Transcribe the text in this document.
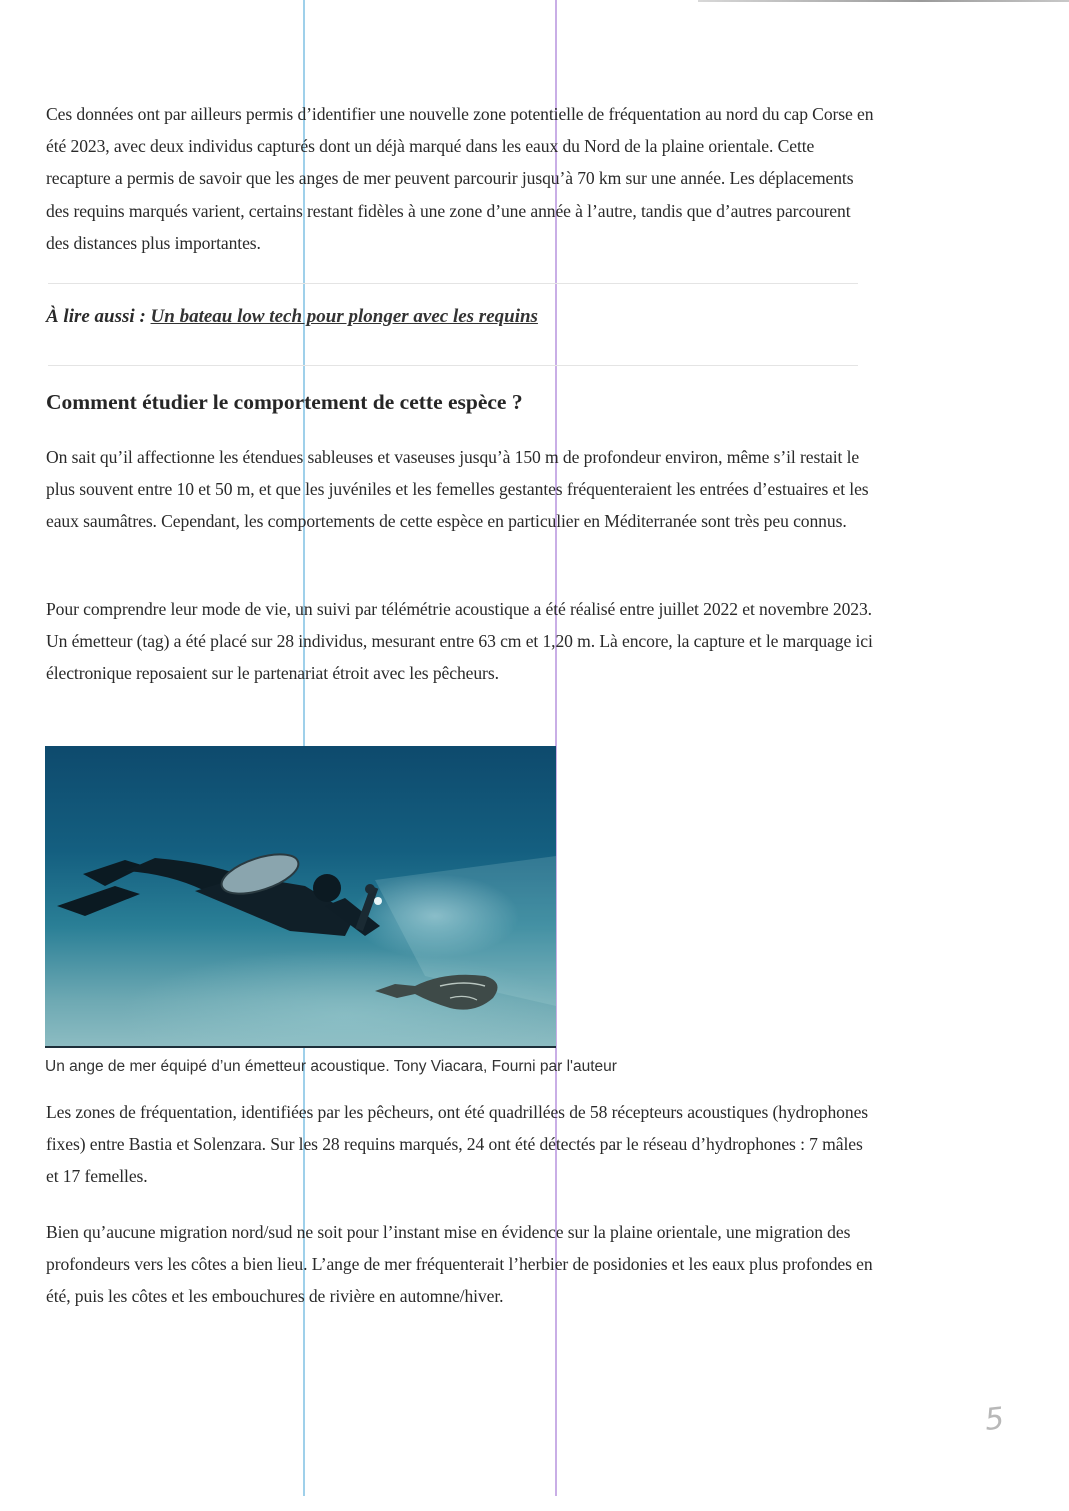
Ces données ont par ailleurs permis d’identifier une nouvelle zone potentielle de fréquentation au nord du cap Corse en été 2023, avec deux individus capturés dont un déjà marqué dans les eaux du Nord de la plaine orientale. Cette recapture a permis de savoir que les anges de mer peuvent parcourir jusqu’à 70 km sur une année. Les déplacements des requins marqués varient, certains restant fidèles à une zone d’une année à l’autre, tandis que d’autres parcourent des distances plus importantes.

À lire aussi : Un bateau low tech pour plonger avec les requins

Comment étudier le comportement de cette espèce ?

On sait qu’il affectionne les étendues sableuses et vaseuses jusqu’à 150 m de profondeur environ, même s’il restait le plus souvent entre 10 et 50 m, et que les juvéniles et les femelles gestantes fréquenteraient les entrées d’estuaires et les eaux saumâtres. Cependant, les comportements de cette espèce en particulier en Méditerranée sont très peu connus.

Pour comprendre leur mode de vie, un suivi par télémétrie acoustique a été réalisé entre juillet 2022 et novembre 2023. Un émetteur (tag) a été placé sur 28 individus, mesurant entre 63 cm et 1,20 m. Là encore, la capture et le marquage ici électronique reposaient sur le partenariat étroit avec les pêcheurs.

Un ange de mer équipé d’un émetteur acoustique. Tony Viacara, Fourni par l'auteur

Les zones de fréquentation, identifiées par les pêcheurs, ont été quadrillées de 58 récepteurs acoustiques (hydrophones fixes) entre Bastia et Solenzara. Sur les 28 requins marqués, 24 ont été détectés par le réseau d’hydrophones : 7 mâles et 17 femelles.

Bien qu’aucune migration nord/sud ne soit pour l’instant mise en évidence sur la plaine orientale, une migration des profondeurs vers les côtes a bien lieu. L’ange de mer fréquenterait l’herbier de posidonies et les eaux plus profondes en été, puis les côtes et les embouchures de rivière en automne/hiver.

5
